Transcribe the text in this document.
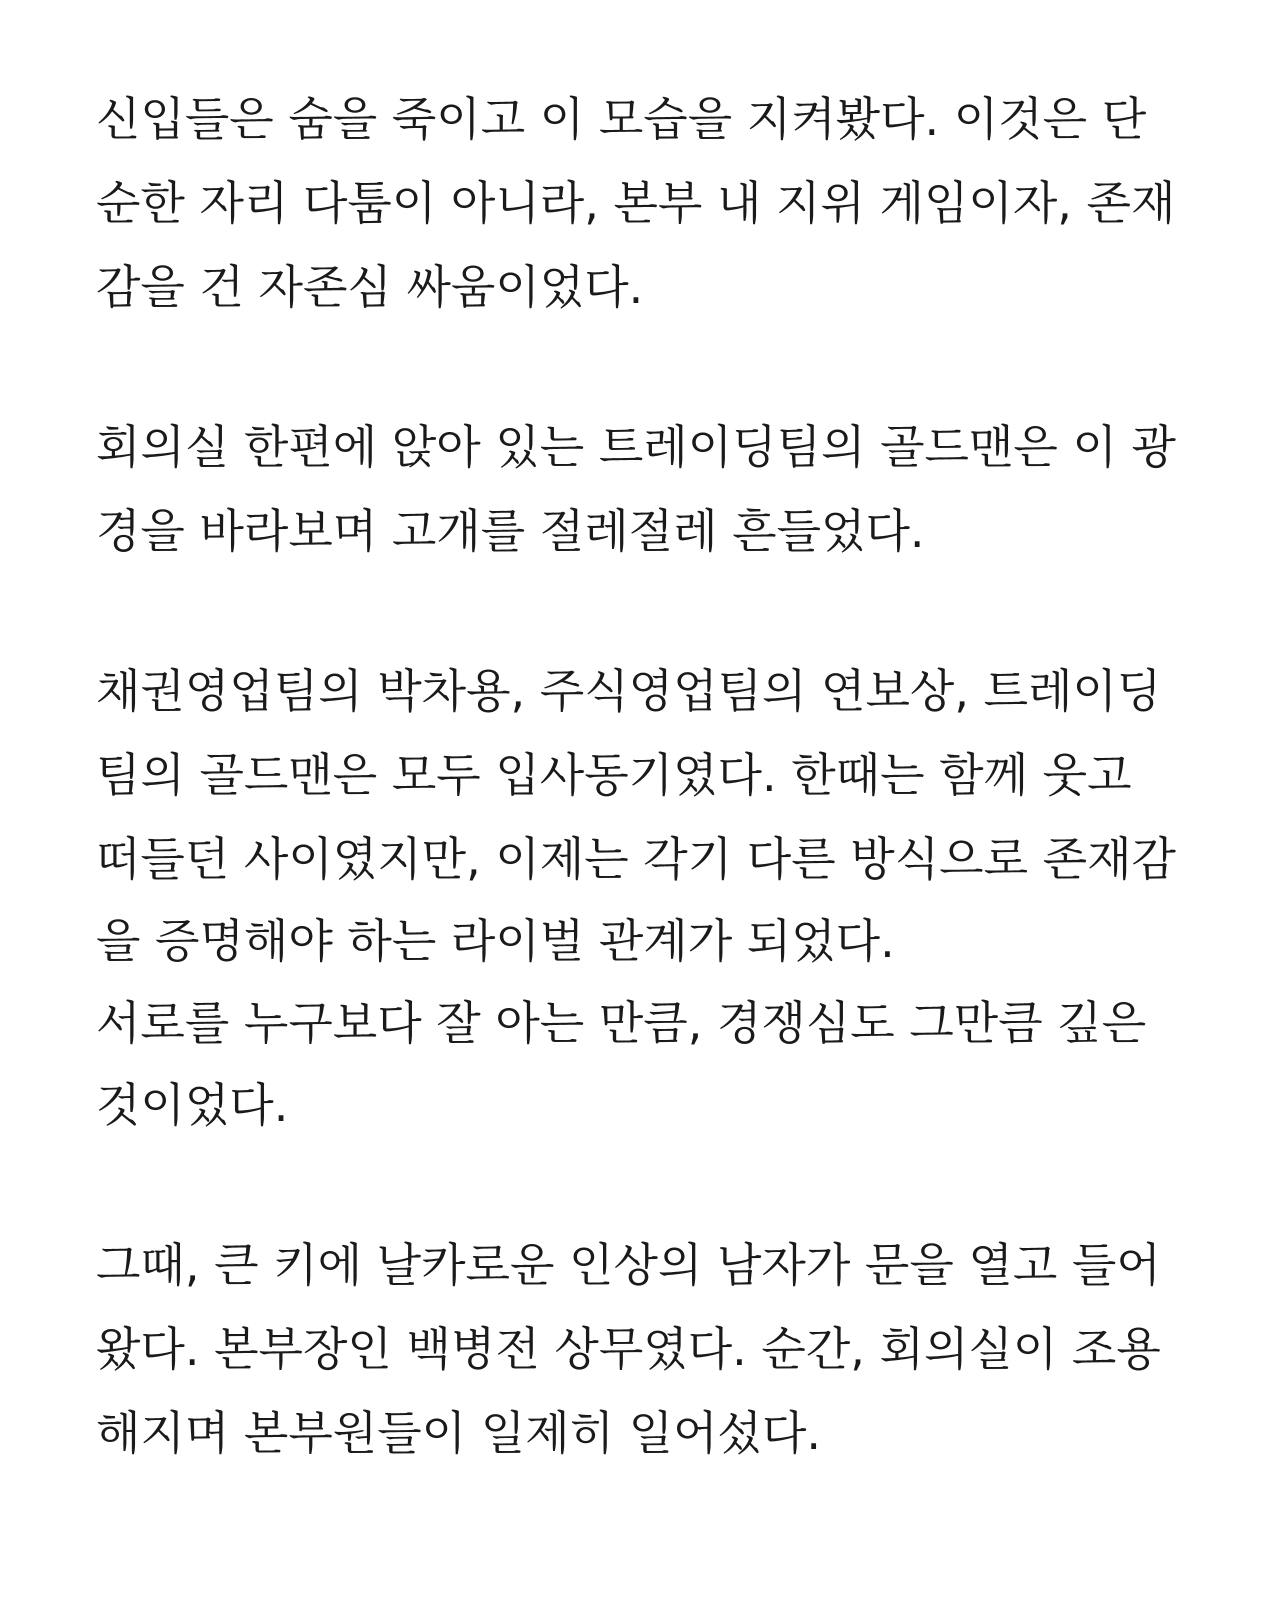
신입들은 숨을 죽이고 이 모습을 지켜봤다. 이것은 단
순한 자리 다툼이 아니라, 본부 내 지위 게임이자, 존재
감을 건 자존심 싸움이었다.
회의실 한편에 앉아 있는 트레이딩팀의 골드맨은 이 광
경을 바라보며 고개를 절레절레 흔들었다.
채권영업팀의 박차용, 주식영업팀의 연보상, 트레이딩
팀의 골드맨은 모두 입사동기였다. 한때는 함께 웃고
떠들던 사이였지만, 이제는 각기 다른 방식으로 존재감
을 증명해야 하는 라이벌 관계가 되었다.
서로를 누구보다 잘 아는 만큼, 경쟁심도 그만큼 깊은
것이었다.
그때, 큰 키에 날카로운 인상의 남자가 문을 열고 들어
왔다. 본부장인 백병전 상무였다. 순간, 회의실이 조용
해지며 본부원들이 일제히 일어섰다.
